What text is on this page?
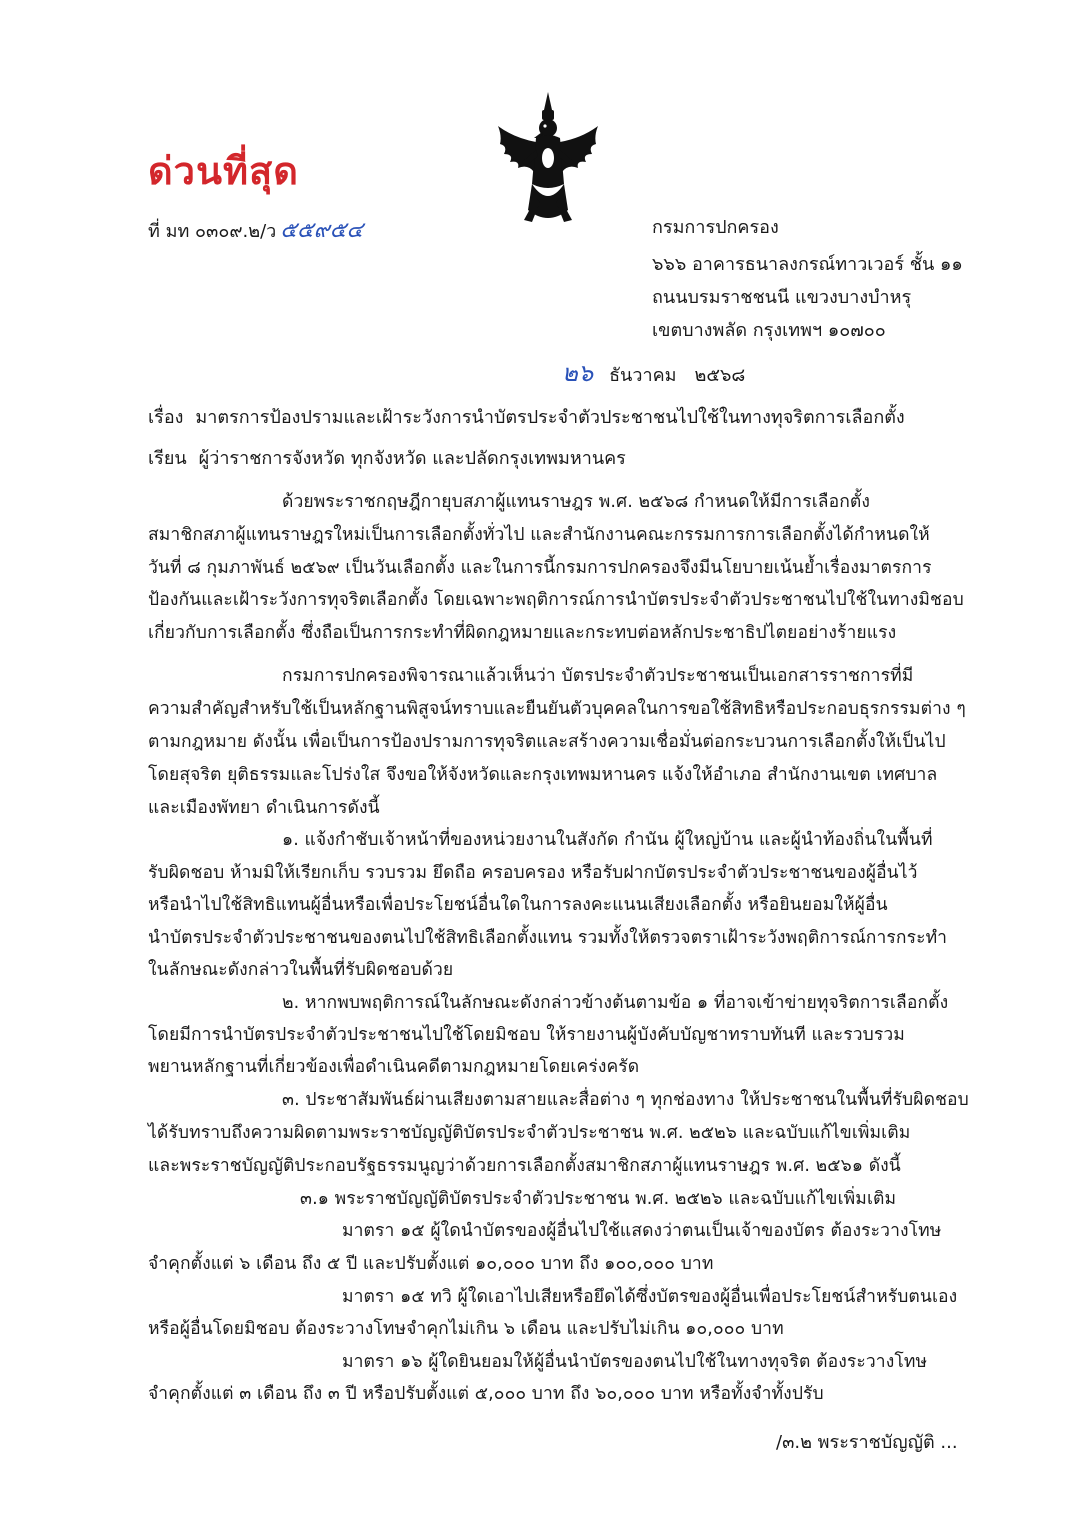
ด่วนที่สุด
ที่ มท ๐๓๐๙.๒/ว ๕๕๙๕๔	กรมการปกครอง
๖๖๖ อาคารธนาลงกรณ์ทาวเวอร์ ชั้น ๑๑
ถนนบรมราชชนนี แขวงบางบำหรุ
เขตบางพลัด กรุงเทพฯ ๑๐๗๐๐
๒๖ ธันวาคม ๒๕๖๘
เรื่อง มาตรการป้องปรามและเฝ้าระวังการนำบัตรประจำตัวประชาชนไปใช้ในทางทุจริตการเลือกตั้ง
เรียน ผู้ว่าราชการจังหวัด ทุกจังหวัด และปลัดกรุงเทพมหานคร
ด้วยพระราชกฤษฎีกายุบสภาผู้แทนราษฎร พ.ศ. ๒๕๖๘ กำหนดให้มีการเลือกตั้ง
สมาชิกสภาผู้แทนราษฎรใหม่เป็นการเลือกตั้งทั่วไป และสำนักงานคณะกรรมการการเลือกตั้งได้กำหนดให้
วันที่ ๘ กุมภาพันธ์ ๒๕๖๙ เป็นวันเลือกตั้ง และในการนี้กรมการปกครองจึงมีนโยบายเน้นย้ำเรื่องมาตรการ
ป้องกันและเฝ้าระวังการทุจริตเลือกตั้ง โดยเฉพาะพฤติการณ์การนำบัตรประจำตัวประชาชนไปใช้ในทางมิชอบ
เกี่ยวกับการเลือกตั้ง ซึ่งถือเป็นการกระทำที่ผิดกฎหมายและกระทบต่อหลักประชาธิปไตยอย่างร้ายแรง
กรมการปกครองพิจารณาแล้วเห็นว่า บัตรประจำตัวประชาชนเป็นเอกสารราชการที่มี
ความสำคัญสำหรับใช้เป็นหลักฐานพิสูจน์ทราบและยืนยันตัวบุคคลในการขอใช้สิทธิหรือประกอบธุรกรรมต่าง ๆ
ตามกฎหมาย ดังนั้น เพื่อเป็นการป้องปรามการทุจริตและสร้างความเชื่อมั่นต่อกระบวนการเลือกตั้งให้เป็นไป
โดยสุจริต ยุติธรรมและโปร่งใส จึงขอให้จังหวัดและกรุงเทพมหานคร แจ้งให้อำเภอ สำนักงานเขต เทศบาล
และเมืองพัทยา ดำเนินการดังนี้
๑. แจ้งกำชับเจ้าหน้าที่ของหน่วยงานในสังกัด กำนัน ผู้ใหญ่บ้าน และผู้นำท้องถิ่นในพื้นที่
รับผิดชอบ ห้ามมิให้เรียกเก็บ รวบรวม ยึดถือ ครอบครอง หรือรับฝากบัตรประจำตัวประชาชนของผู้อื่นไว้
หรือนำไปใช้สิทธิแทนผู้อื่นหรือเพื่อประโยชน์อื่นใดในการลงคะแนนเสียงเลือกตั้ง หรือยินยอมให้ผู้อื่น
นำบัตรประจำตัวประชาชนของตนไปใช้สิทธิเลือกตั้งแทน รวมทั้งให้ตรวจตราเฝ้าระวังพฤติการณ์การกระทำ
ในลักษณะดังกล่าวในพื้นที่รับผิดชอบด้วย
๒. หากพบพฤติการณ์ในลักษณะดังกล่าวข้างต้นตามข้อ ๑ ที่อาจเข้าข่ายทุจริตการเลือกตั้ง
โดยมีการนำบัตรประจำตัวประชาชนไปใช้โดยมิชอบ ให้รายงานผู้บังคับบัญชาทราบทันที และรวบรวม
พยานหลักฐานที่เกี่ยวข้องเพื่อดำเนินคดีตามกฎหมายโดยเคร่งครัด
๓. ประชาสัมพันธ์ผ่านเสียงตามสายและสื่อต่าง ๆ ทุกช่องทาง ให้ประชาชนในพื้นที่รับผิดชอบ
ได้รับทราบถึงความผิดตามพระราชบัญญัติบัตรประจำตัวประชาชน พ.ศ. ๒๕๒๖ และฉบับแก้ไขเพิ่มเติม
และพระราชบัญญัติประกอบรัฐธรรมนูญว่าด้วยการเลือกตั้งสมาชิกสภาผู้แทนราษฎร พ.ศ. ๒๕๖๑ ดังนี้
๓.๑ พระราชบัญญัติบัตรประจำตัวประชาชน พ.ศ. ๒๕๒๖ และฉบับแก้ไขเพิ่มเติม
มาตรา ๑๕ ผู้ใดนำบัตรของผู้อื่นไปใช้แสดงว่าตนเป็นเจ้าของบัตร ต้องระวางโทษ
จำคุกตั้งแต่ ๖ เดือน ถึง ๕ ปี และปรับตั้งแต่ ๑๐,๐๐๐ บาท ถึง ๑๐๐,๐๐๐ บาท
มาตรา ๑๕ ทวิ ผู้ใดเอาไปเสียหรือยึดได้ซึ่งบัตรของผู้อื่นเพื่อประโยชน์สำหรับตนเอง
หรือผู้อื่นโดยมิชอบ ต้องระวางโทษจำคุกไม่เกิน ๖ เดือน และปรับไม่เกิน ๑๐,๐๐๐ บาท
มาตรา ๑๖ ผู้ใดยินยอมให้ผู้อื่นนำบัตรของตนไปใช้ในทางทุจริต ต้องระวางโทษ
จำคุกตั้งแต่ ๓ เดือน ถึง ๓ ปี หรือปรับตั้งแต่ ๕,๐๐๐ บาท ถึง ๖๐,๐๐๐ บาท หรือทั้งจำทั้งปรับ
/๓.๒ พระราชบัญญัติ ...
